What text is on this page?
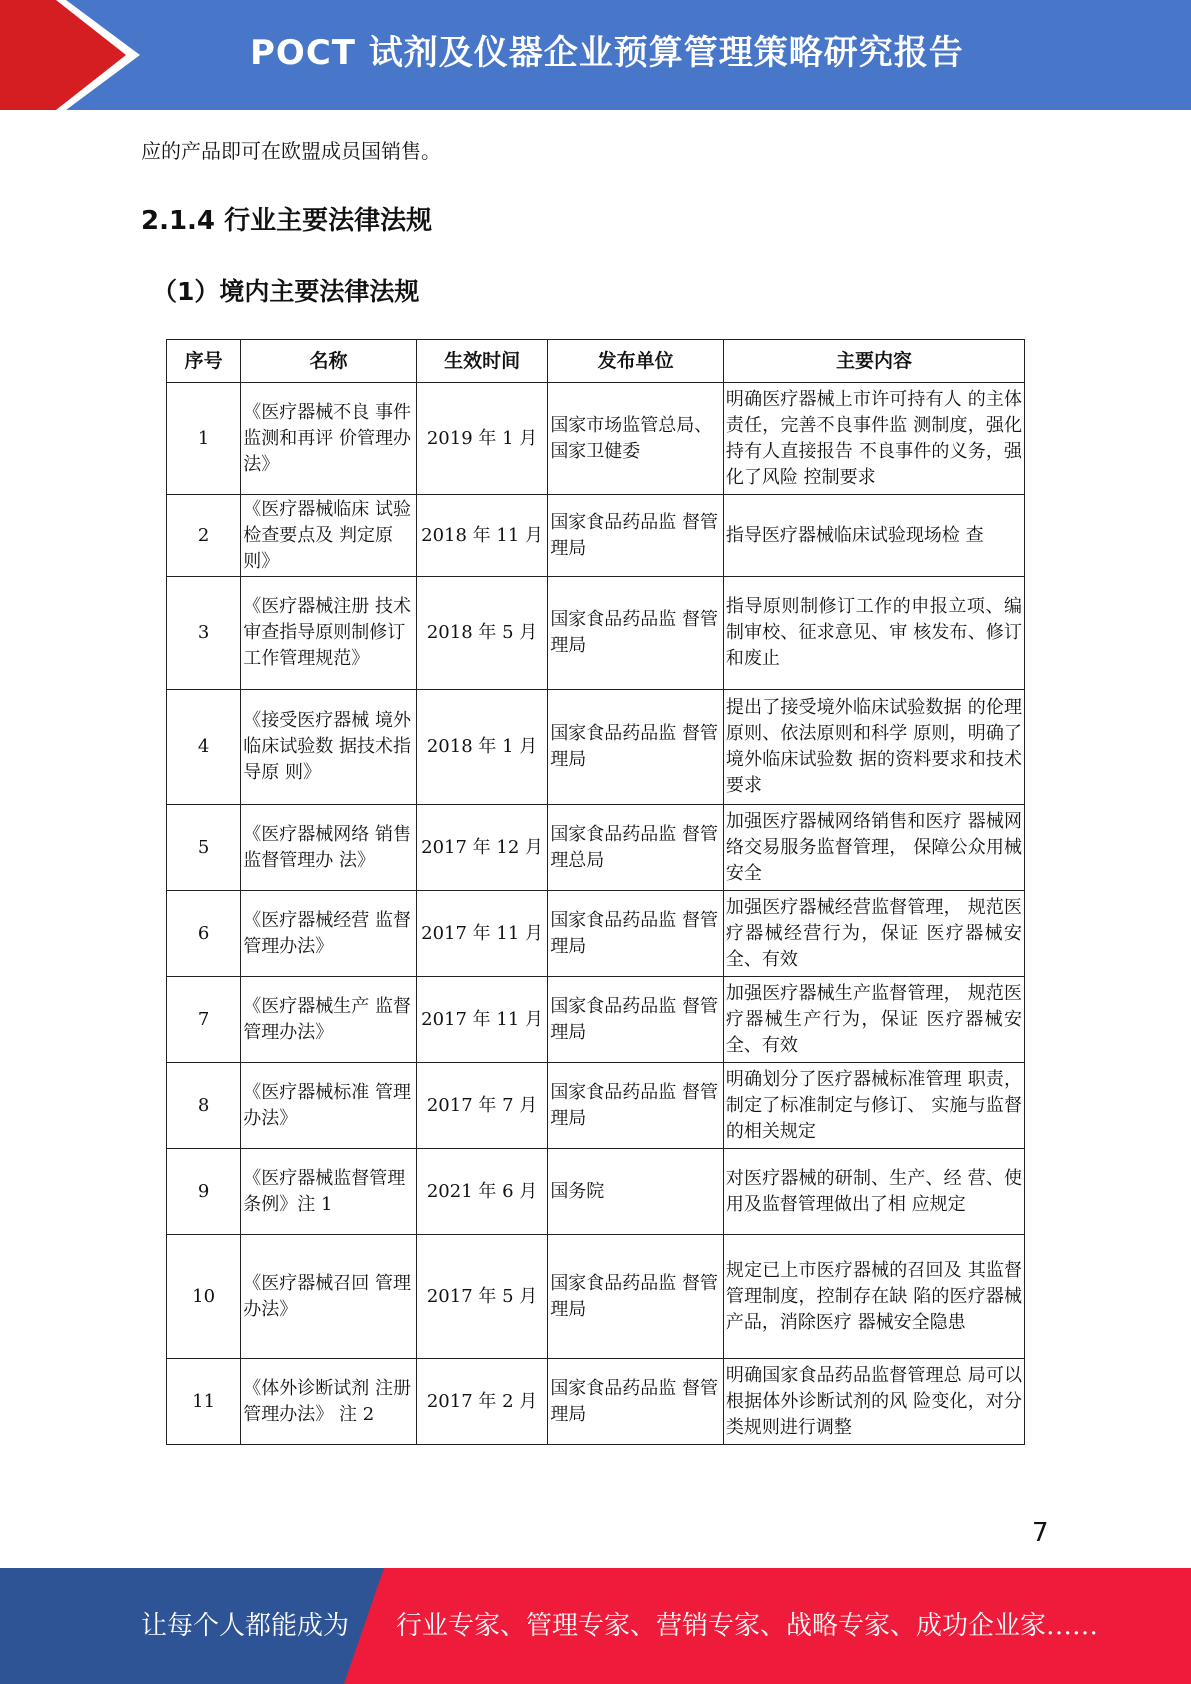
POCT 试剂及仪器企业预算管理策略研究报告
应的产品即可在欧盟成员国销售。
2.1.4 行业主要法律法规
（1）境内主要法律法规
序号	名称	生效时间	发布单位	主要内容
1	《医疗器械不良 事件监测和再评 价管理办法》	2019 年 1 月	国家市场监管总局、国家卫健委	明确医疗器械上市许可持有人 的主体责任，完善不良事件监 测制度，强化持有人直接报告 不良事件的义务，强化了风险 控制要求
2	《医疗器械临床 试验检查要点及 判定原则》	2018 年 11 月	国家食品药品监 督管理局	指导医疗器械临床试验现场检 查
3	《医疗器械注册 技术审查指导原则制修订工作管理规范》	2018 年 5 月	国家食品药品监 督管理局	指导原则制修订工作的申报立项、编制审校、征求意见、审 核发布、修订和废止
4	《接受医疗器械 境外临床试验数 据技术指导原 则》	2018 年 1 月	国家食品药品监 督管理局	提出了接受境外临床试验数据 的伦理原则、依法原则和科学 原则，明确了境外临床试验数 据的资料要求和技术要求
5	《医疗器械网络 销售监督管理办 法》	2017 年 12 月	国家食品药品监 督管理总局	加强医疗器械网络销售和医疗 器械网络交易服务监督管理， 保障公众用械安全
6	《医疗器械经营 监督管理办法》	2017 年 11 月	国家食品药品监 督管理局	加强医疗器械经营监督管理， 规范医疗器械经营行为，保证 医疗器械安全、有效
7	《医疗器械生产 监督管理办法》	2017 年 11 月	国家食品药品监 督管理局	加强医疗器械生产监督管理， 规范医疗器械生产行为，保证 医疗器械安全、有效
8	《医疗器械标准 管理办法》	2017 年 7 月	国家食品药品监 督管理局	明确划分了医疗器械标准管理 职责，制定了标准制定与修订、 实施与监督的相关规定
9	《医疗器械监督管理条例》注 1	2021 年 6 月	国务院	对医疗器械的研制、生产、经 营、使用及监督管理做出了相 应规定
10	《医疗器械召回 管理办法》	2017 年 5 月	国家食品药品监 督管理局	规定已上市医疗器械的召回及 其监督管理制度，控制存在缺 陷的医疗器械产品，消除医疗 器械安全隐患
11	《体外诊断试剂 注册管理办法》 注 2	2017 年 2 月	国家食品药品监 督管理局	明确国家食品药品监督管理总 局可以根据体外诊断试剂的风 险变化，对分类规则进行调整
7
让每个人都能成为 行业专家、管理专家、营销专家、战略专家、成功企业家……
